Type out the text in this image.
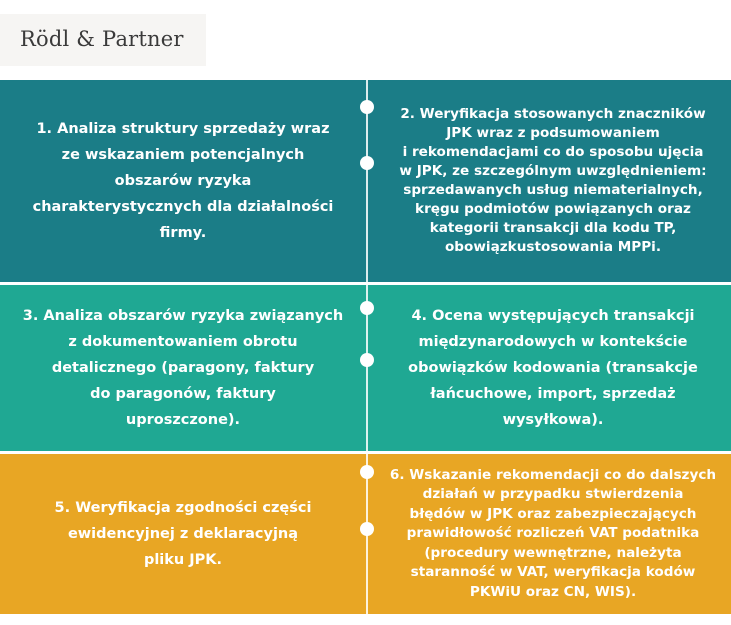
Rödl & Partner
1. Analiza struktury sprzedaży wraz
ze wskazaniem potencjalnych
obszarów ryzyka
charakterystycznych dla działalności
firmy.
2. Weryfikacja stosowanych znaczników
JPK wraz z podsumowaniem
i rekomendacjami co do sposobu ujęcia
w JPK, ze szczególnym uwzględnieniem:
sprzedawanych usług niematerialnych,
kręgu podmiotów powiązanych oraz
kategorii transakcji dla kodu TP,
obowiązkustosowania MPPi.
3. Analiza obszarów ryzyka związanych
z dokumentowaniem obrotu
detalicznego (paragony, faktury
do paragonów, faktury
uproszczone).
4. Ocena występujących transakcji
międzynarodowych w kontekście
obowiązków kodowania (transakcje
łańcuchowe, import, sprzedaż
wysyłkowa).
5. Weryfikacja zgodności części
ewidencyjnej z deklaracyjną
pliku JPK.
6. Wskazanie rekomendacji co do dalszych
działań w przypadku stwierdzenia
błędów w JPK oraz zabezpieczających
prawidłowość rozliczeń VAT podatnika
(procedury wewnętrzne, należyta
staranność w VAT, weryfikacja kodów
PKWiU oraz CN, WIS).
